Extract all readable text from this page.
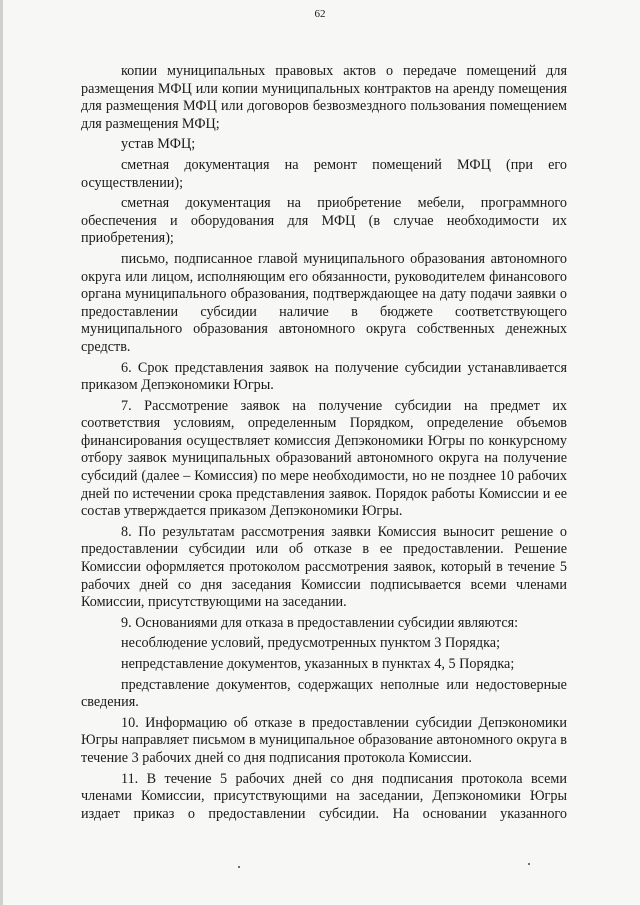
62

копии муниципальных правовых актов о передаче помещений для размещения МФЦ или копии муниципальных контрактов на аренду помещения для размещения МФЦ или договоров безвозмездного пользования помещением для размещения МФЦ;

устав МФЦ;

сметная документация на ремонт помещений МФЦ (при его осуществлении);

сметная документация на приобретение мебели, программного обеспечения и оборудования для МФЦ (в случае необходимости их приобретения);

письмо, подписанное главой муниципального образования автономного округа или лицом, исполняющим его обязанности, руководителем финансового органа муниципального образования, подтверждающее на дату подачи заявки о предоставлении субсидии наличие в бюджете соответствующего муниципального образования автономного округа собственных денежных средств.

6. Срок представления заявок на получение субсидии устанавливается приказом Депэкономики Югры.

7. Рассмотрение заявок на получение субсидии на предмет их соответствия условиям, определенным Порядком, определение объемов финансирования осуществляет комиссия Депэкономики Югры по конкурсному отбору заявок муниципальных образований автономного округа на получение субсидий (далее – Комиссия) по мере необходимости, но не позднее 10 рабочих дней по истечении срока представления заявок. Порядок работы Комиссии и ее состав утверждается приказом Депэкономики Югры.

8. По результатам рассмотрения заявки Комиссия выносит решение о предоставлении субсидии или об отказе в ее предоставлении. Решение Комиссии оформляется протоколом рассмотрения заявок, который в течение 5 рабочих дней со дня заседания Комиссии подписывается всеми членами Комиссии, присутствующими на заседании.

9. Основаниями для отказа в предоставлении субсидии являются:

несоблюдение условий, предусмотренных пунктом 3 Порядка;

непредставление документов, указанных в пунктах 4, 5 Порядка;

представление документов, содержащих неполные или недостоверные сведения.

10. Информацию об отказе в предоставлении субсидии Депэкономики Югры направляет письмом в муниципальное образование автономного округа в течение 3 рабочих дней со дня подписания протокола Комиссии.

11. В течение 5 рабочих дней со дня подписания протокола всеми членами Комиссии, присутствующими на заседании, Депэкономики Югры издает приказ о предоставлении субсидии. На основании указанного
